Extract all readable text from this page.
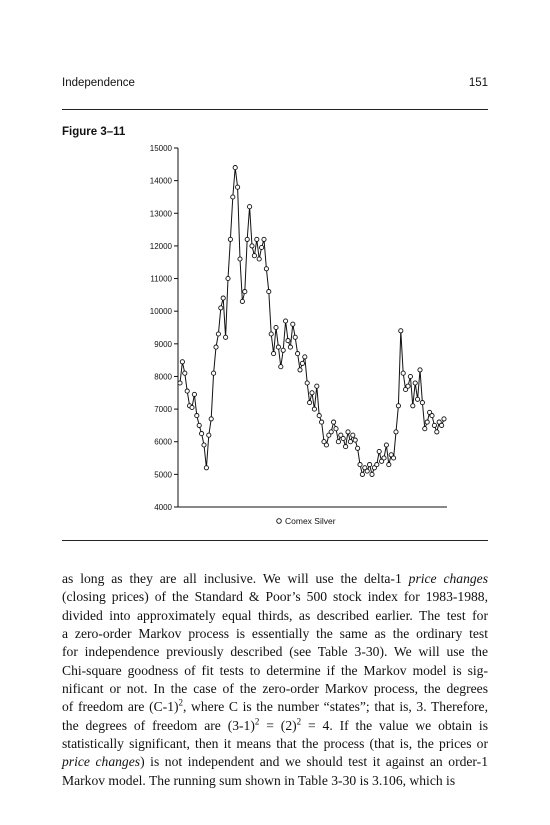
Independence	151
Figure 3–11
4000
5000
6000
7000
8000
9000
10000
11000
12000
13000
14000
15000
Comex Silver

as long as they are all inclusive. We will use the delta-1 price changes

(closing prices) of the Standard & Poor’s 500 stock index for 1983-1988,

divided into approximately equal thirds, as described earlier. The test for

a zero-order Markov process is essentially the same as the ordinary test

for independence previously described (see Table 3-30). We will use the

Chi-square goodness of fit tests to determine if the Markov model is sig-

nificant or not. In the case of the zero-order Markov process, the degrees

of freedom are $(C-1)^2$, where C is the number “states”; that is, 3. Therefore,

the degrees of freedom are $(3-1)^2 = (2)^2 = 4$. If the value we obtain is

statistically significant, then it means that the process (that is, the prices or

price changes) is not independent and we should test it against an order-1

Markov model. The running sum shown in Table 3-30 is 3.106, which is
